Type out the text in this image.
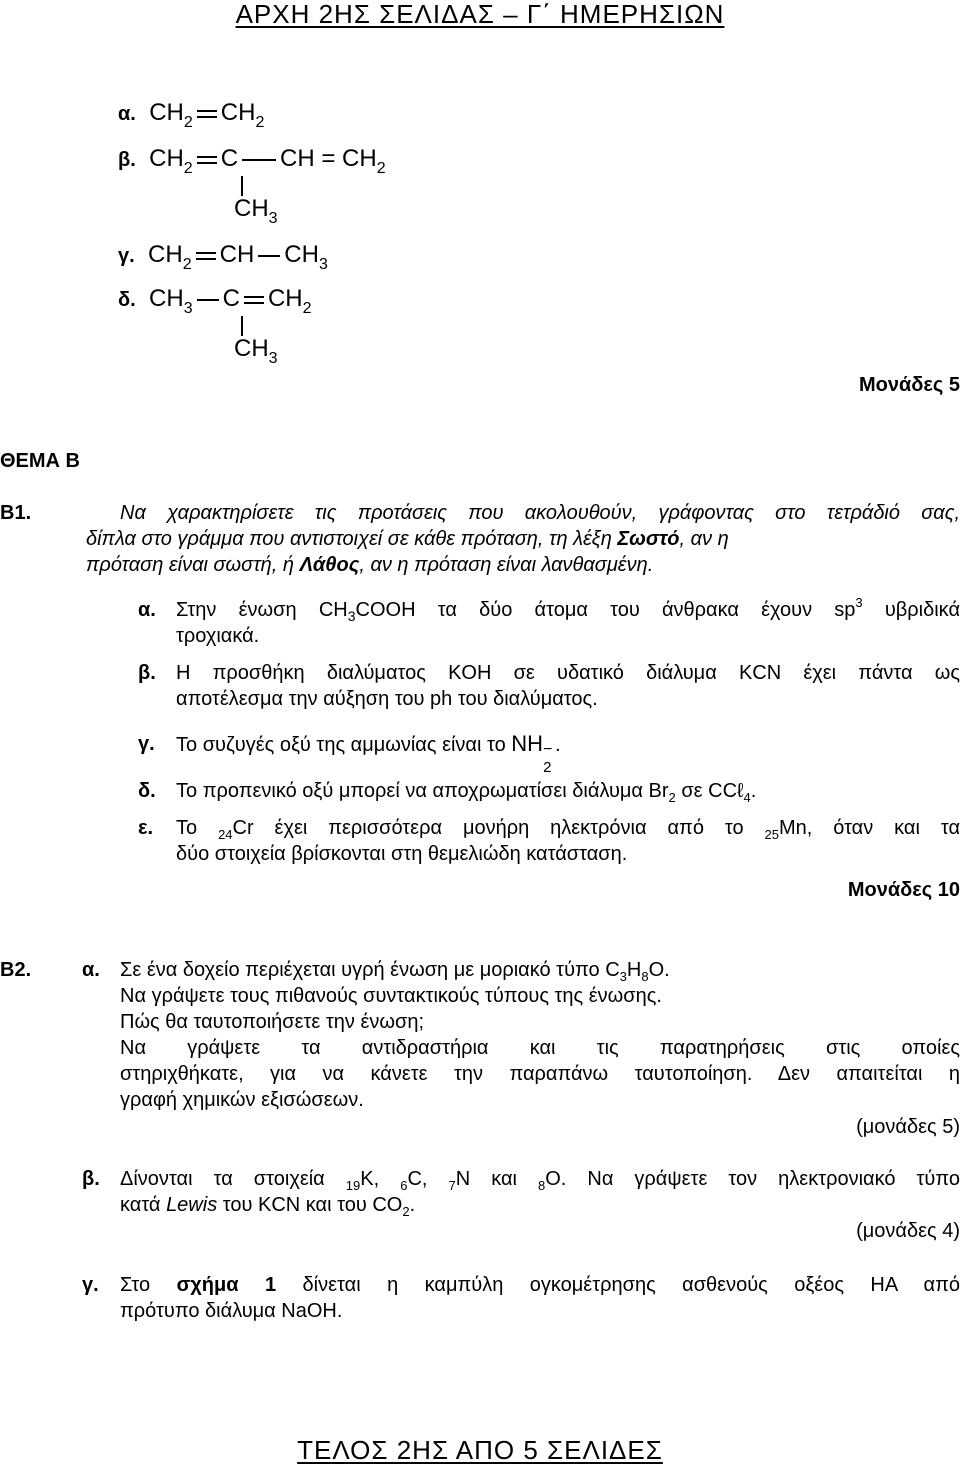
ΑΡΧΗ 2ΗΣ ΣΕΛΙΔΑΣ – Γ΄ ΗΜΕΡΗΣΙΩΝ
α. $CH_2$ $CH_2$
β. $CH_2$ C CH = $CH_2$
$CH_3$
γ. $CH_2$ CH $CH_3$
δ. $CH_3$ C $CH_2$
$CH_3$
Μονάδες 5
ΘΕΜΑ Β
Β1.	Να χαρακτηρίσετε τις προτάσεις που ακολουθούν, γράφοντας στο τετράδιό σας,
δίπλα στο γράμμα που αντιστοιχεί σε κάθε πρόταση, τη λέξη Σωστό, αν η
πρόταση είναι σωστή, ή Λάθος, αν η πρόταση είναι λανθασμένη.
α. Στην ένωση $CH_3COOH$ τα δύο άτομα του άνθρακα έχουν $sp^3$ υβριδικά
τροχιακά.
β. Η προσθήκη διαλύματος KOH σε υδατικό διάλυμα KCN έχει πάντα ως
αποτέλεσμα την αύξηση του ph του διαλύματος.
γ. Το συζυγές οξύ της αμμωνίας είναι το NH −
2
.
δ. Το προπενικό οξύ μπορεί να αποχρωματίσει διάλυμα $Br_2$ σε CCℓ$_4$.
ε. Το $_{24}$Cr έχει περισσότερα μονήρη ηλεκτρόνια από το $_{25}$Mn, όταν και τα
δύο στοιχεία βρίσκονται στη θεμελιώδη κατάσταση.
Μονάδες 10
Β2.	α. Σε ένα δοχείο περιέχεται υγρή ένωση με μοριακό τύπο $C_3H_8O$.
Να γράψετε τους πιθανούς συντακτικούς τύπους της ένωσης.
Πώς θα ταυτοποιήσετε την ένωση;
Να γράψετε τα αντιδραστήρια και τις παρατηρήσεις στις οποίες
στηριχθήκατε, για να κάνετε την παραπάνω ταυτοποίηση. Δεν απαιτείται η
γραφή χημικών εξισώσεων.
(μονάδες 5)
β. Δίνονται τα στοιχεία $_{19}$K, $_6$C, $_7$N και $_8$O. Να γράψετε τον ηλεκτρονιακό τύπο
κατά Lewis του KCN και του $CO_2$.
(μονάδες 4)
γ. Στο σχήμα 1 δίνεται η καμπύλη ογκομέτρησης ασθενούς οξέος HA από
πρότυπο διάλυμα NaOH.
ΤΕΛΟΣ 2ΗΣ ΑΠΟ 5 ΣΕΛΙΔΕΣ
